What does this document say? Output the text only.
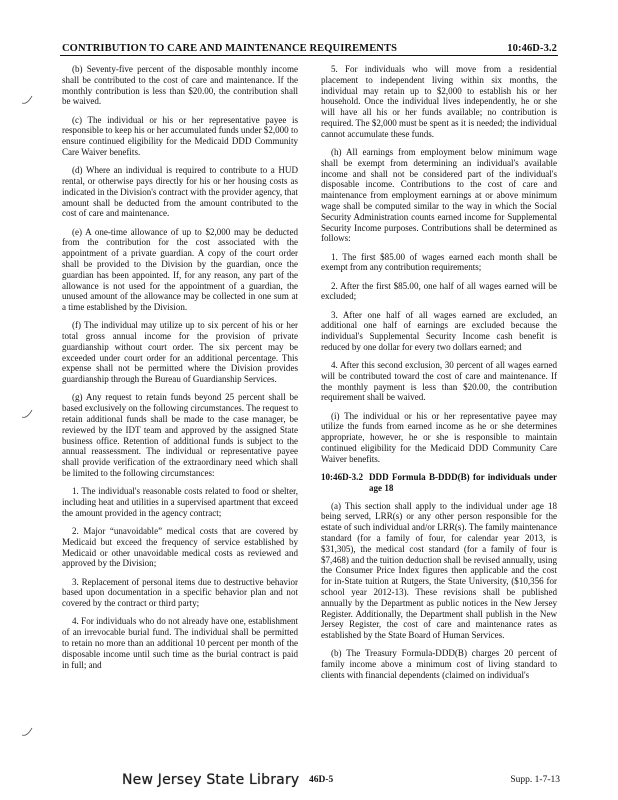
CONTRIBUTION TO CARE AND MAINTENANCE REQUIREMENTS	10:46D-3.2

(b) Seventy-five percent of the disposable monthly income shall be contributed to the cost of care and maintenance. If the monthly contribution is less than $20.00, the contribution shall be waived.

(c) The individual or his or her representative payee is responsible to keep his or her accumulated funds under $2,000 to ensure continued eligibility for the Medicaid DDD Community Care Waiver benefits.

(d) Where an individual is required to contribute to a HUD rental, or otherwise pays directly for his or her housing costs as indicated in the Division's contract with the provider agency, that amount shall be deducted from the amount contributed to the cost of care and maintenance.

(e) A one-time allowance of up to $2,000 may be deducted from the contribution for the cost associated with the appointment of a private guardian. A copy of the court order shall be provided to the Division by the guardian, once the guardian has been appointed. If, for any reason, any part of the allowance is not used for the appointment of a guardian, the unused amount of the allowance may be collected in one sum at a time established by the Division.

(f) The individual may utilize up to six percent of his or her total gross annual income for the provision of private guardianship without court order. The six percent may be exceeded under court order for an additional percentage. This expense shall not be permitted where the Division provides guardianship through the Bureau of Guardianship Services.

(g) Any request to retain funds beyond 25 percent shall be based exclusively on the following circumstances. The request to retain additional funds shall be made to the case manager, be reviewed by the IDT team and approved by the assigned State business office. Retention of additional funds is subject to the annual reassessment. The individual or representative payee shall provide verification of the extraordinary need which shall be limited to the following circumstances:

1. The individual's reasonable costs related to food or shelter, including heat and utilities in a supervised apartment that exceed the amount provided in the agency contract;

2. Major “unavoidable” medical costs that are covered by Medicaid but exceed the frequency of service established by Medicaid or other unavoidable medical costs as reviewed and approved by the Division;

3. Replacement of personal items due to destructive behavior based upon documentation in a specific behavior plan and not covered by the contract or third party;

4. For individuals who do not already have one, establishment of an irrevocable burial fund. The individual shall be permitted to retain no more than an additional 10 percent per month of the disposable income until such time as the burial contract is paid in full; and

5. For individuals who will move from a residential placement to independent living within six months, the individual may retain up to $2,000 to establish his or her household. Once the individual lives independently, he or she will have all his or her funds available; no contribution is required. The $2,000 must be spent as it is needed; the individual cannot accumulate these funds.

(h) All earnings from employment below minimum wage shall be exempt from determining an individual's available income and shall not be considered part of the individual's disposable income. Contributions to the cost of care and maintenance from employment earnings at or above minimum wage shall be computed similar to the way in which the Social Security Administration counts earned income for Supplemental Security Income purposes. Contributions shall be determined as follows:

1. The first $85.00 of wages earned each month shall be exempt from any contribution requirements;

2. After the first $85.00, one half of all wages earned will be excluded;

3. After one half of all wages earned are excluded, an additional one half of earnings are excluded because the individual's Supplemental Security Income cash benefit is reduced by one dollar for every two dollars earned; and

4. After this second exclusion, 30 percent of all wages earned will be contributed toward the cost of care and maintenance. If the monthly payment is less than $20.00, the contribution requirement shall be waived.

(i) The individual or his or her representative payee may utilize the funds from earned income as he or she determines appropriate, however, he or she is responsible to maintain continued eligibility for the Medicaid DDD Community Care Waiver benefits.

10:46D-3.2 DDD Formula B-DDD(B) for individuals under age 18

(a) This section shall apply to the individual under age 18 being served, LRR(s) or any other person responsible for the estate of such individual and/or LRR(s). The family maintenance standard (for a family of four, for calendar year 2013, is $31,305), the medical cost standard (for a family of four is $7,468) and the tuition deduction shall be revised annually, using the Consumer Price Index figures then applicable and the cost for in-State tuition at Rutgers, the State University, ($10,356 for school year 2012-13). These revisions shall be published annually by the Department as public notices in the New Jersey Register. Additionally, the Department shall publish in the New Jersey Register, the cost of care and maintenance rates as established by the State Board of Human Services.

(b) The Treasury Formula-DDD(B) charges 20 percent of family income above a minimum cost of living standard to clients with financial dependents (claimed on individual's

New Jersey State Library 46D-5	Supp. 1-7-13
